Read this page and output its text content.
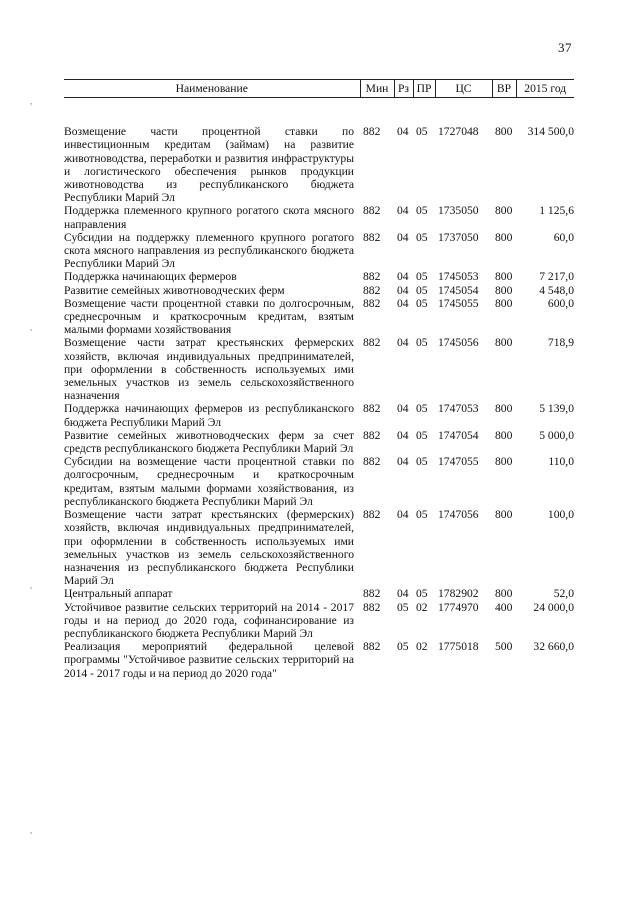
37
,
,
,
,
Наименование	Мин	Рз	ПР	ЦС	ВР	2015 год
Возмещение части процентной ставки по инвестиционным кредитам (займам) на развитие животноводства, переработки и развития инфраструктуры и логистического обеспечения рынков продукции животноводства из республиканского бюджета Республики Марий Эл	882	04	05	1727048	800	314 500,0
Поддержка племенного крупного рогатого скота мясного направления	882	04	05	1735050	800	1 125,6
Субсидии на поддержку племенного крупного рогатого скота мясного направления из республиканского бюджета Республики Марий Эл	882	04	05	1737050	800	60,0
Поддержка начинающих фермеров	882	04	05	1745053	800	7 217,0
Развитие семейных животноводческих ферм	882	04	05	1745054	800	4 548,0
Возмещение части процентной ставки по долгосрочным, среднесрочным и краткосрочным кредитам, взятым малыми формами хозяйствования	882	04	05	1745055	800	600,0
Возмещение части затрат крестьянских фермерских хозяйств, включая индивидуальных предпринимателей, при оформлении в собственность используемых ими земельных участков из земель сельскохозяйственного назначения	882	04	05	1745056	800	718,9
Поддержка начинающих фермеров из республиканского бюджета Республики Марий Эл	882	04	05	1747053	800	5 139,0
Развитие семейных животноводческих ферм за счет средств республиканского бюджета Республики Марий Эл	882	04	05	1747054	800	5 000,0
Субсидии на возмещение части процентной ставки по долгосрочным, среднесрочным и краткосрочным кредитам, взятым малыми формами хозяйствования, из республиканского бюджета Республики Марий Эл	882	04	05	1747055	800	110,0
Возмещение части затрат крестьянских (фермерских) хозяйств, включая индивидуальных предпринимателей, при оформлении в собственность используемых ими земельных участков из земель сельскохозяйственного назначения из республиканского бюджета Республики Марий Эл	882	04	05	1747056	800	100,0
Центральный аппарат	882	04	05	1782902	800	52,0
Устойчивое развитие сельских территорий на 2014 - 2017 годы и на период до 2020 года, софинансирование из республиканского бюджета Республики Марий Эл	882	05	02	1774970	400	24 000,0
Реализация мероприятий федеральной целевой программы "Устойчивое развитие сельских территорий на 2014 - 2017 годы и на период до 2020 года"	882	05	02	1775018	500	32 660,0
